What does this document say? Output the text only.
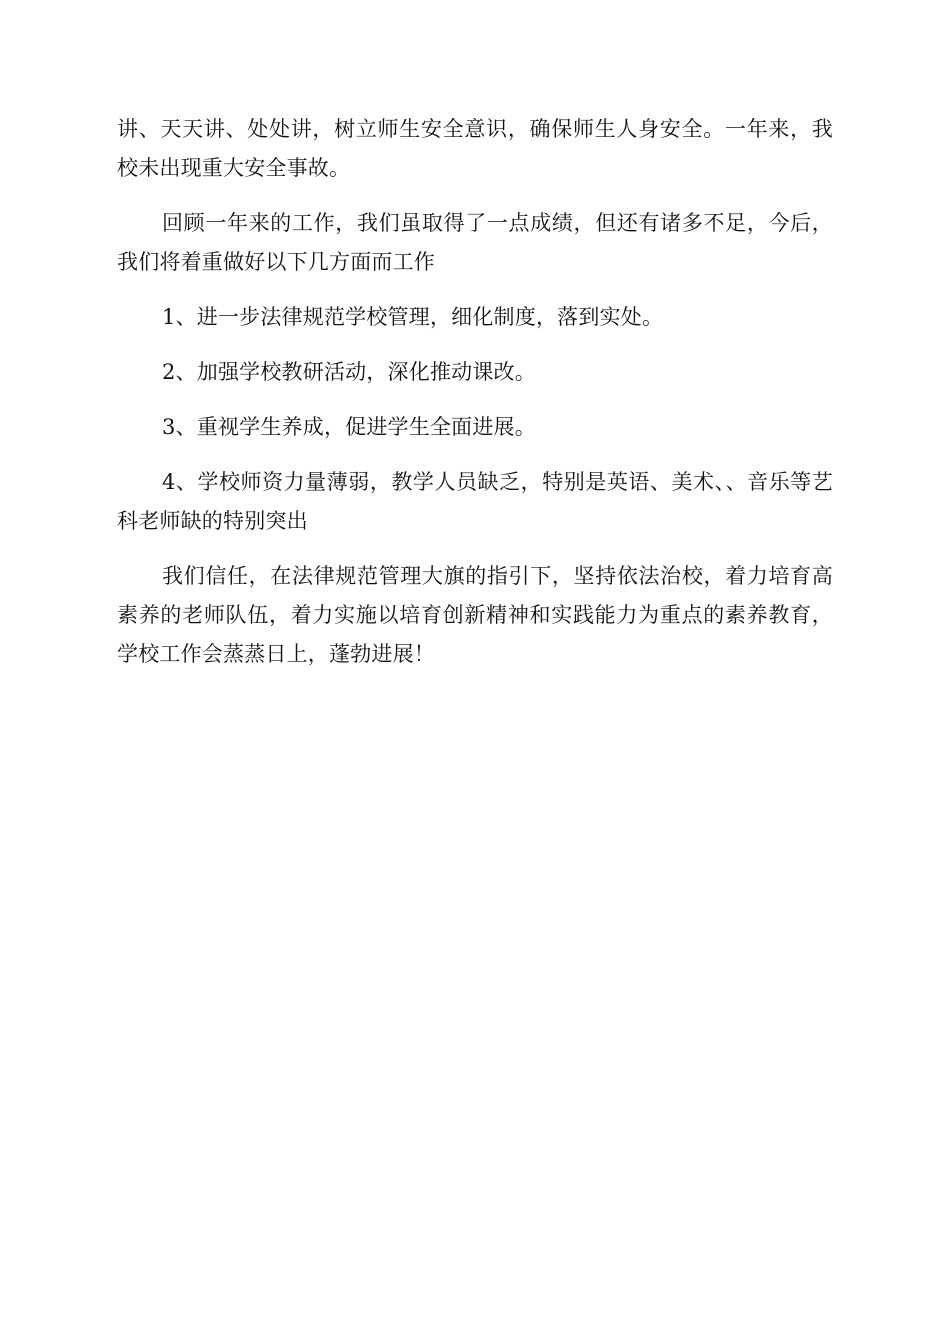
讲、天天讲、处处讲，树立师生安全意识，确保师生人身安全。一年来，我校未出现重大安全事故。

回顾一年来的工作，我们虽取得了一点成绩，但还有诸多不足，今后，我们将着重做好以下几方面而工作

1、进一步法律规范学校管理，细化制度，落到实处。

2、加强学校教研活动，深化推动课改。

3、重视学生养成，促进学生全面进展。

4、学校师资力量薄弱，教学人员缺乏，特别是英语、美术、、音乐等艺科老师缺的特别突出

我们信任，在法律规范管理大旗的指引下，坚持依法治校，着力培育高素养的老师队伍，着力实施以培育创新精神和实践能力为重点的素养教育，学校工作会蒸蒸日上，蓬勃进展！
